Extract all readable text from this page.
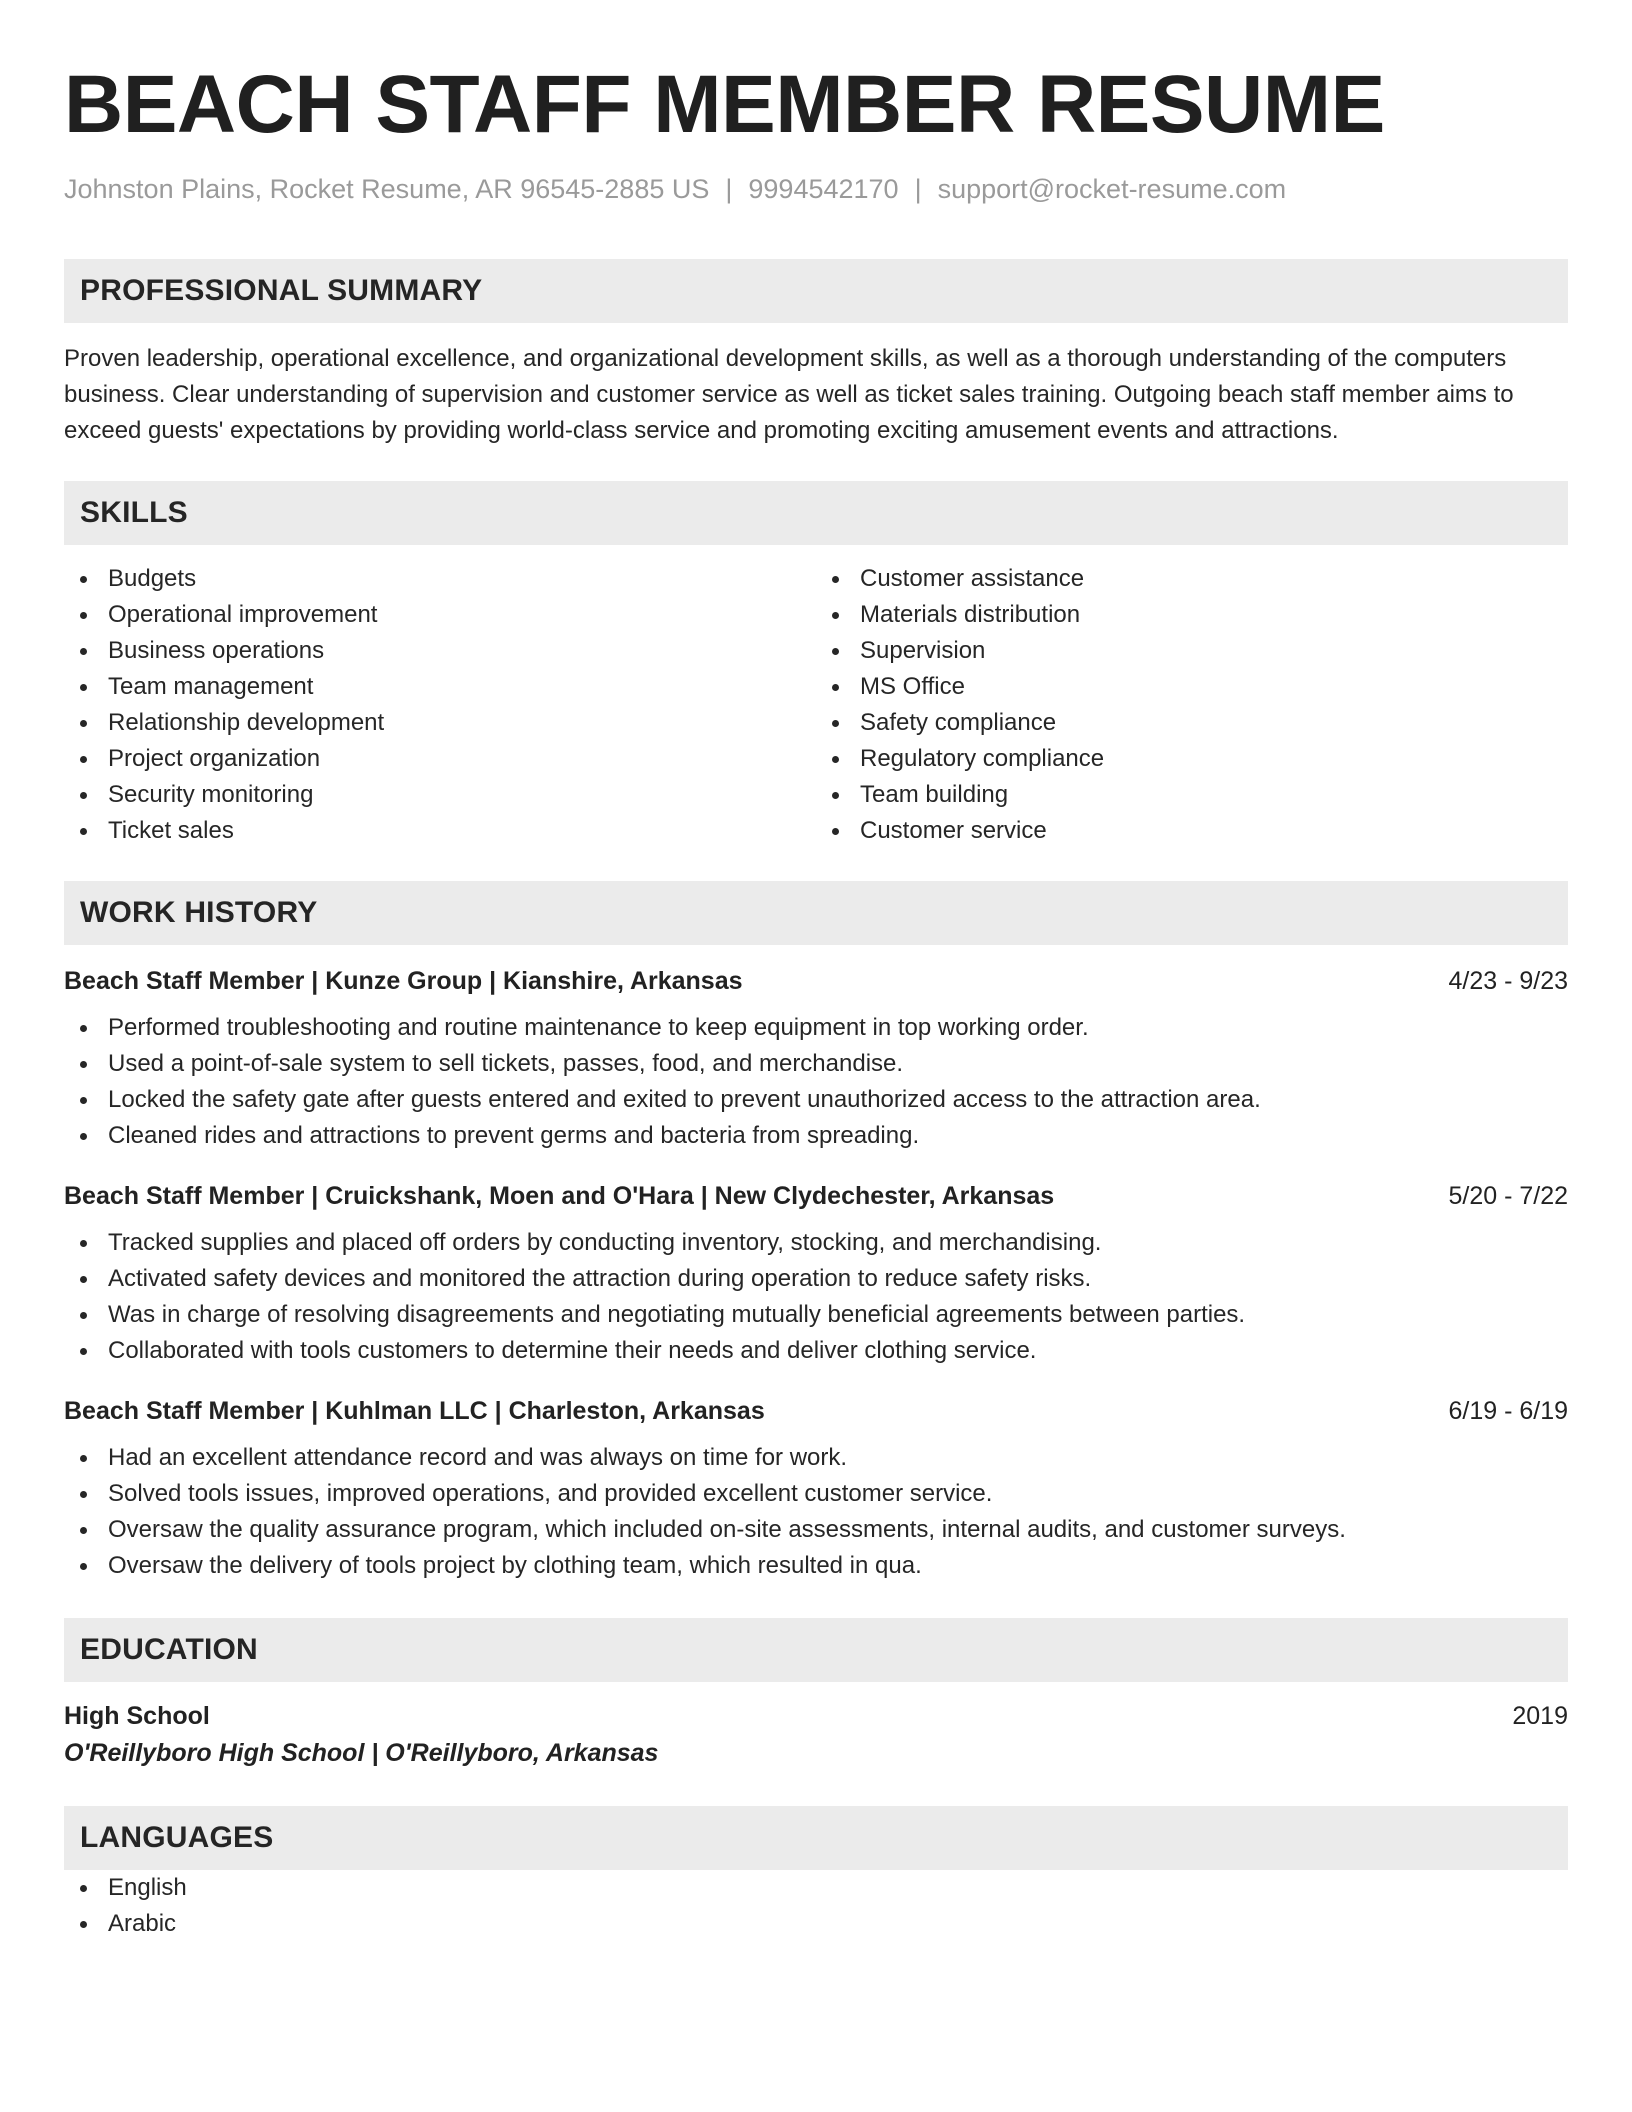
BEACH STAFF MEMBER RESUME
Johnston Plains, Rocket Resume, AR 96545-2885 US | 9994542170 | support@rocket-resume.com
PROFESSIONAL SUMMARY
Proven leadership, operational excellence, and organizational development skills, as well as a thorough understanding of the computers business. Clear understanding of supervision and customer service as well as ticket sales training. Outgoing beach staff member aims to exceed guests' expectations by providing world-class service and promoting exciting amusement events and attractions.
SKILLS
Budgets
Operational improvement
Business operations
Team management
Relationship development
Project organization
Security monitoring
Ticket sales
Customer assistance
Materials distribution
Supervision
MS Office
Safety compliance
Regulatory compliance
Team building
Customer service
WORK HISTORY
Beach Staff Member | Kunze Group | Kianshire, Arkansas	4/23 - 9/23
Performed troubleshooting and routine maintenance to keep equipment in top working order.
Used a point-of-sale system to sell tickets, passes, food, and merchandise.
Locked the safety gate after guests entered and exited to prevent unauthorized access to the attraction area.
Cleaned rides and attractions to prevent germs and bacteria from spreading.
Beach Staff Member | Cruickshank, Moen and O'Hara | New Clydechester, Arkansas	5/20 - 7/22
Tracked supplies and placed off orders by conducting inventory, stocking, and merchandising.
Activated safety devices and monitored the attraction during operation to reduce safety risks.
Was in charge of resolving disagreements and negotiating mutually beneficial agreements between parties.
Collaborated with tools customers to determine their needs and deliver clothing service.
Beach Staff Member | Kuhlman LLC | Charleston, Arkansas	6/19 - 6/19
Had an excellent attendance record and was always on time for work.
Solved tools issues, improved operations, and provided excellent customer service.
Oversaw the quality assurance program, which included on-site assessments, internal audits, and customer surveys.
Oversaw the delivery of tools project by clothing team, which resulted in qua.
EDUCATION
High School	2019
O'Reillyboro High School | O'Reillyboro, Arkansas
LANGUAGES
English
Arabic
